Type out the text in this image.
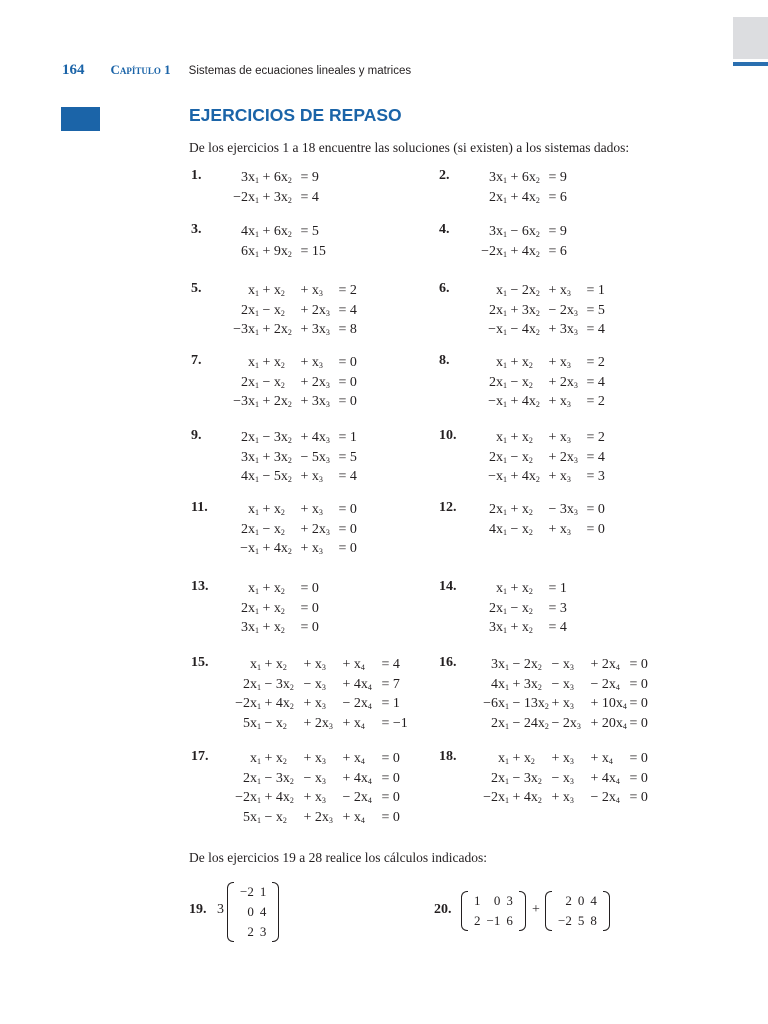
164 Capítulo 1 Sistemas de ecuaciones lineales y matrices
EJERCICIOS DE REPASO
De los ejercicios 1 a 18 encuentre las soluciones (si existen) a los sistemas dados:
1.	$3x_1 + 6x_2 = 9$
$-2x_1 + 3x_2 = 4$
2.	$3x_1 + 6x_2 = 9$
$2x_1 + 4x_2 = 6$
3.	$4x_1 + 6x_2 = 5$
$6x_1 + 9x_2 = 15$
4.	$3x_1 - 6x_2 = 9$
$-2x_1 + 4x_2 = 6$
5.	$x_1 + x_2 + x_3 = 2$
$2x_1 - x_2 + 2x_3 = 4$
$-3x_1 + 2x_2 + 3x_3 = 8$
6.	$x_1 - 2x_2 + x_3 = 1$
$2x_1 + 3x_2 - 2x_3 = 5$
$-x_1 - 4x_2 + 3x_3 = 4$
7.	$x_1 + x_2 + x_3 = 0$
$2x_1 - x_2 + 2x_3 = 0$
$-3x_1 + 2x_2 + 3x_3 = 0$
8.	$x_1 + x_2 + x_3 = 2$
$2x_1 - x_2 + 2x_3 = 4$
$-x_1 + 4x_2 + x_3 = 2$
9.	$2x_1 - 3x_2 + 4x_3 = 1$
$3x_1 + 3x_2 - 5x_3 = 5$
$4x_1 - 5x_2 + x_3 = 4$
10.	$x_1 + x_2 + x_3 = 2$
$2x_1 - x_2 + 2x_3 = 4$
$-x_1 + 4x_2 + x_3 = 3$
11.	$x_1 + x_2 + x_3 = 0$
$2x_1 - x_2 + 2x_3 = 0$
$-x_1 + 4x_2 + x_3 = 0$
12.	$2x_1 + x_2 - 3x_3 = 0$
$4x_1 - x_2 + x_3 = 0$
13.	$x_1 + x_2 = 0$
$2x_1 + x_2 = 0$
$3x_1 + x_2 = 0$
14.	$x_1 + x_2 = 1$
$2x_1 - x_2 = 3$
$3x_1 + x_2 = 4$
15.	$x_1 + x_2 + x_3 + x_4 = 4$
$2x_1 - 3x_2 - x_3 + 4x_4 = 7$
$-2x_1 + 4x_2 + x_3 - 2x_4 = 1$
$5x_1 - x_2 + 2x_3 + x_4 = -1$
16.	$3x_1 - 2x_2 - x_3 + 2x_4 = 0$
$4x_1 + 3x_2 - x_3 - 2x_4 = 0$
$-6x_1 - 13x_2 + x_3 + 10x_4 = 0$
$2x_1 - 24x_2 - 2x_3 + 20x_4 = 0$
17.	$x_1 + x_2 + x_3 + x_4 = 0$
$2x_1 - 3x_2 - x_3 + 4x_4 = 0$
$-2x_1 + 4x_2 + x_3 - 2x_4 = 0$
$5x_1 - x_2 + 2x_3 + x_4 = 0$
18.	$x_1 + x_2 + x_3 + x_4 = 0$
$2x_1 - 3x_2 - x_3 + 4x_4 = 0$
$-2x_1 + 4x_2 + x_3 - 2x_4 = 0$
De los ejercicios 19 a 28 realice los cálculos indicados:
19. 3
−2	1
0	4
2	3
20.
1	0	3
2	−1	6
+
2	0	4
−2	5	8
